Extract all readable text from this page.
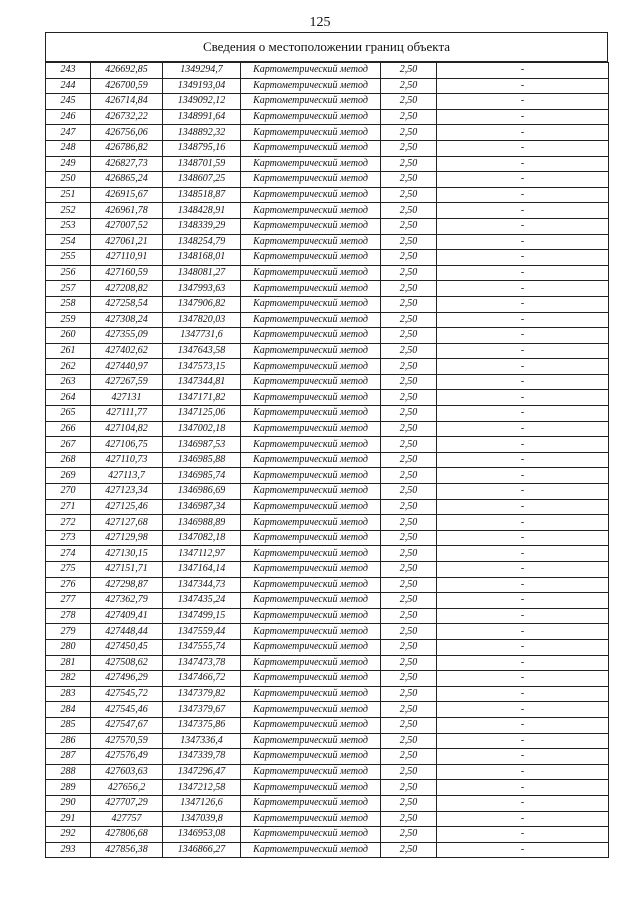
125
Сведения о местоположении границ объекта
243	426692,85	1349294,7	Картометрический метод	2,50	-
244	426700,59	1349193,04	Картометрический метод	2,50	-
245	426714,84	1349092,12	Картометрический метод	2,50	-
246	426732,22	1348991,64	Картометрический метод	2,50	-
247	426756,06	1348892,32	Картометрический метод	2,50	-
248	426786,82	1348795,16	Картометрический метод	2,50	-
249	426827,73	1348701,59	Картометрический метод	2,50	-
250	426865,24	1348607,25	Картометрический метод	2,50	-
251	426915,67	1348518,87	Картометрический метод	2,50	-
252	426961,78	1348428,91	Картометрический метод	2,50	-
253	427007,52	1348339,29	Картометрический метод	2,50	-
254	427061,21	1348254,79	Картометрический метод	2,50	-
255	427110,91	1348168,01	Картометрический метод	2,50	-
256	427160,59	1348081,27	Картометрический метод	2,50	-
257	427208,82	1347993,63	Картометрический метод	2,50	-
258	427258,54	1347906,82	Картометрический метод	2,50	-
259	427308,24	1347820,03	Картометрический метод	2,50	-
260	427355,09	1347731,6	Картометрический метод	2,50	-
261	427402,62	1347643,58	Картометрический метод	2,50	-
262	427440,97	1347573,15	Картометрический метод	2,50	-
263	427267,59	1347344,81	Картометрический метод	2,50	-
264	427131	1347171,82	Картометрический метод	2,50	-
265	427111,77	1347125,06	Картометрический метод	2,50	-
266	427104,82	1347002,18	Картометрический метод	2,50	-
267	427106,75	1346987,53	Картометрический метод	2,50	-
268	427110,73	1346985,88	Картометрический метод	2,50	-
269	427113,7	1346985,74	Картометрический метод	2,50	-
270	427123,34	1346986,69	Картометрический метод	2,50	-
271	427125,46	1346987,34	Картометрический метод	2,50	-
272	427127,68	1346988,89	Картометрический метод	2,50	-
273	427129,98	1347082,18	Картометрический метод	2,50	-
274	427130,15	1347112,97	Картометрический метод	2,50	-
275	427151,71	1347164,14	Картометрический метод	2,50	-
276	427298,87	1347344,73	Картометрический метод	2,50	-
277	427362,79	1347435,24	Картометрический метод	2,50	-
278	427409,41	1347499,15	Картометрический метод	2,50	-
279	427448,44	1347559,44	Картометрический метод	2,50	-
280	427450,45	1347555,74	Картометрический метод	2,50	-
281	427508,62	1347473,78	Картометрический метод	2,50	-
282	427496,29	1347466,72	Картометрический метод	2,50	-
283	427545,72	1347379,82	Картометрический метод	2,50	-
284	427545,46	1347379,67	Картометрический метод	2,50	-
285	427547,67	1347375,86	Картометрический метод	2,50	-
286	427570,59	1347336,4	Картометрический метод	2,50	-
287	427576,49	1347339,78	Картометрический метод	2,50	-
288	427603,63	1347296,47	Картометрический метод	2,50	-
289	427656,2	1347212,58	Картометрический метод	2,50	-
290	427707,29	1347126,6	Картометрический метод	2,50	-
291	427757	1347039,8	Картометрический метод	2,50	-
292	427806,68	1346953,08	Картометрический метод	2,50	-
293	427856,38	1346866,27	Картометрический метод	2,50	-
